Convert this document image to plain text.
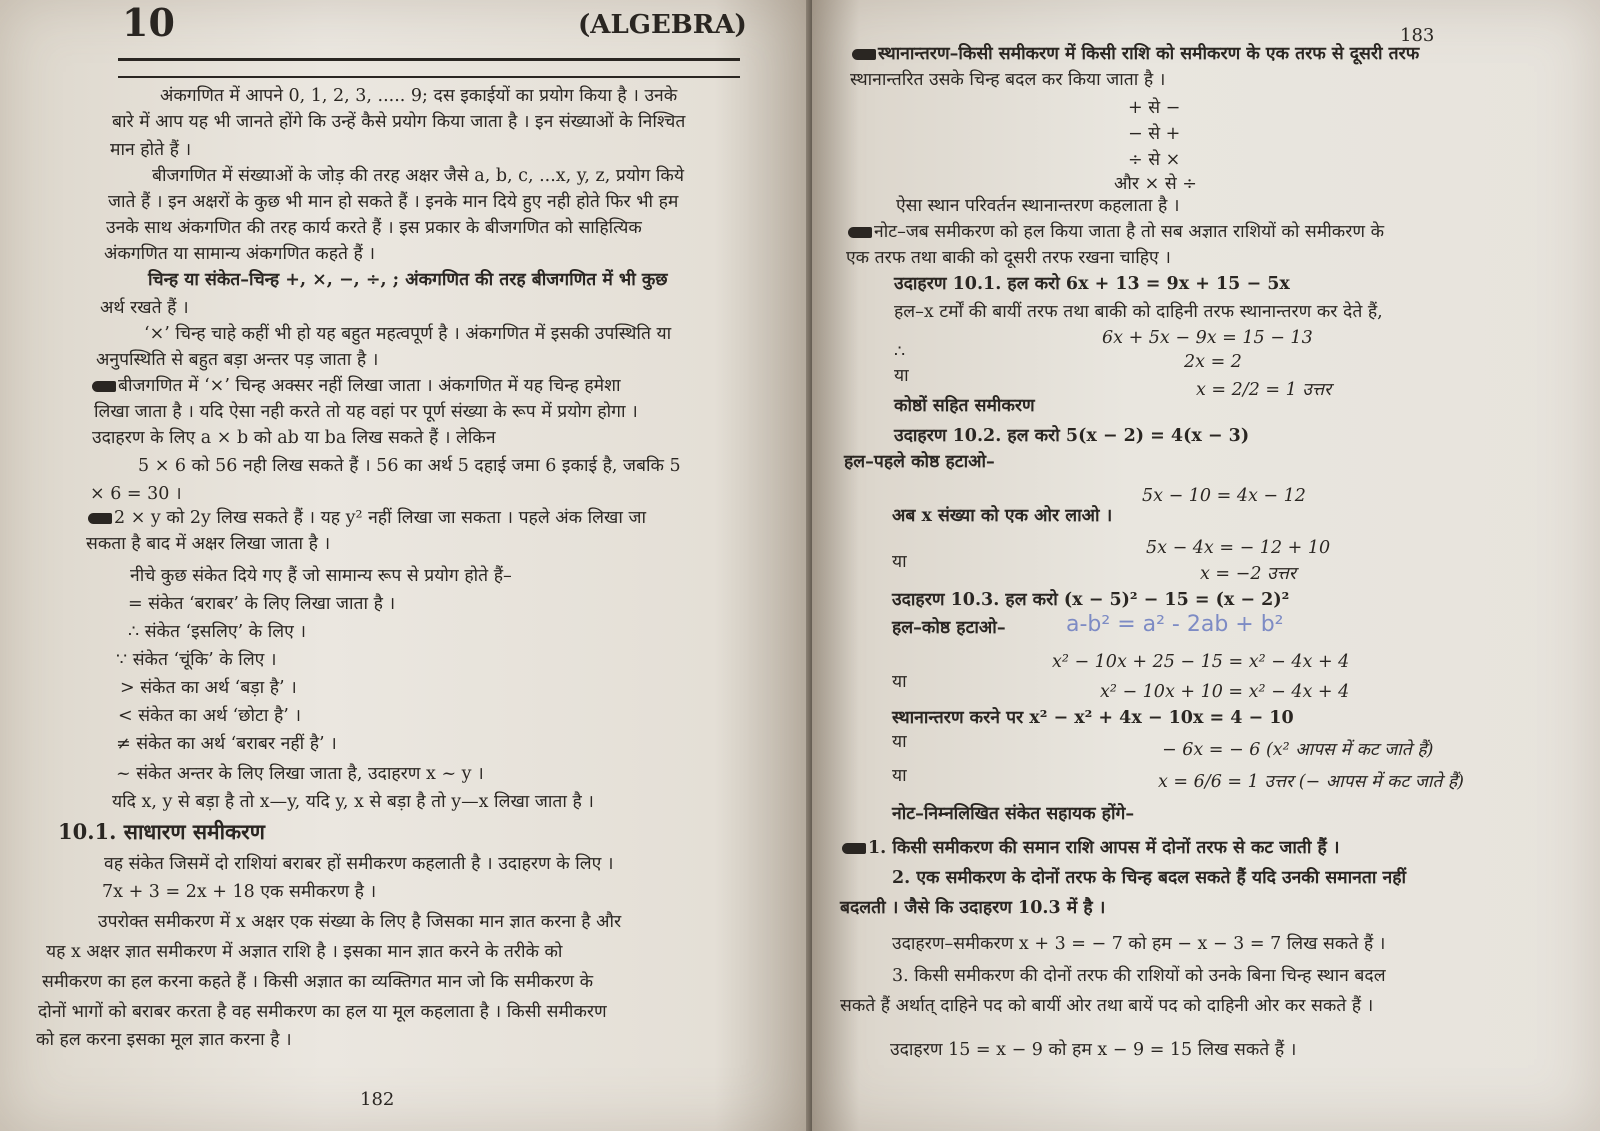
10	(ALGEBRA)
अंकगणित में आपने 0, 1, 2, 3, ..... 9; दस इकाईयों का प्रयोग किया है । उनके
बारे में आप यह भी जानते होंगे कि उन्हें कैसे प्रयोग किया जाता है । इन संख्याओं के निश्चित
मान होते हैं ।
बीजगणित में संख्याओं के जोड़ की तरह अक्षर जैसे a, b, c, ...x, y, z, प्रयोग किये
जाते हैं । इन अक्षरों के कुछ भी मान हो सकते हैं । इनके मान दिये हुए नही होते फिर भी हम
उनके साथ अंकगणित की तरह कार्य करते हैं । इस प्रकार के बीजगणित को साहित्यिक
अंकगणित या सामान्य अंकगणित कहते हैं ।
चिन्ह या संकेत–चिन्ह +, ×, −, ÷, ; अंकगणित की तरह बीजगणित में भी कुछ
अर्थ रखते हैं ।
‘×’ चिन्ह चाहे कहीं भी हो यह बहुत महत्वपूर्ण है । अंकगणित में इसकी उपस्थिति या
अनुपस्थिति से बहुत बड़ा अन्तर पड़ जाता है ।
बीजगणित में ‘×’ चिन्ह अक्सर नहीं लिखा जाता । अंकगणित में यह चिन्ह हमेशा
लिखा जाता है । यदि ऐसा नही करते तो यह वहां पर पूर्ण संख्या के रूप में प्रयोग होगा ।
उदाहरण के लिए a × b को ab या ba लिख सकते हैं । लेकिन
5 × 6 को 56 नही लिख सकते हैं । 56 का अर्थ 5 दहाई जमा 6 इकाई है, जबकि 5
× 6 = 30 ।
2 × y को 2y लिख सकते हैं । यह y² नहीं लिखा जा सकता । पहले अंक लिखा जा
सकता है बाद में अक्षर लिखा जाता है ।
नीचे कुछ संकेत दिये गए हैं जो सामान्य रूप से प्रयोग होते हैं–
= संकेत ‘बराबर’ के लिए लिखा जाता है ।
∴ संकेत ‘इसलिए’ के लिए ।
∵ संकेत ‘चूंकि’ के लिए ।
> संकेत का अर्थ ‘बड़ा है’ ।
< संकेत का अर्थ ‘छोटा है’ ।
≠ संकेत का अर्थ ‘बराबर नहीं है’ ।
~ संकेत अन्तर के लिए लिखा जाता है, उदाहरण x ~ y ।
यदि x, y से बड़ा है तो x—y, यदि y, x से बड़ा है तो y—x लिखा जाता है ।
10.1. साधारण समीकरण
वह संकेत जिसमें दो राशियां बराबर हों समीकरण कहलाती है । उदाहरण के लिए ।
7x + 3 = 2x + 18 एक समीकरण है ।
उपरोक्त समीकरण में x अक्षर एक संख्या के लिए है जिसका मान ज्ञात करना है और
यह x अक्षर ज्ञात समीकरण में अज्ञात राशि है । इसका मान ज्ञात करने के तरीके को
समीकरण का हल करना कहते हैं । किसी अज्ञात का व्यक्तिगत मान जो कि समीकरण के
दोनों भागों को बराबर करता है वह समीकरण का हल या मूल कहलाता है । किसी समीकरण
को हल करना इसका मूल ज्ञात करना है ।
182
183
स्थानान्तरण–किसी समीकरण में किसी राशि को समीकरण के एक तरफ से दूसरी तरफ
स्थानान्तरित उसके चिन्ह बदल कर किया जाता है ।
+ से −
− से +
÷ से ×
और × से ÷
ऐसा स्थान परिवर्तन स्थानान्तरण कहलाता है ।
नोट–जब समीकरण को हल किया जाता है तो सब अज्ञात राशियों को समीकरण के
एक तरफ तथा बाकी को दूसरी तरफ रखना चाहिए ।
उदाहरण 10.1. हल करो 6x + 13 = 9x + 15 − 5x
हल–x टर्मों की बायीं तरफ तथा बाकी को दाहिनी तरफ स्थानान्तरण कर देते हैं,
6x + 5x − 9x = 15 − 13
∴	2x = 2
या
x = 2/2 = 1 उत्तर
कोष्ठों सहित समीकरण
उदाहरण 10.2. हल करो 5(x − 2) = 4(x − 3)
हल–पहले कोष्ठ हटाओ–
5x − 10 = 4x − 12
अब x संख्या को एक ओर लाओ ।
5x − 4x = − 12 + 10
या
x = −2 उत्तर
उदाहरण 10.3. हल करो (x − 5)² − 15 = (x − 2)²
हल–कोष्ठ हटाओ–	a-b² = a² - 2ab + b²
x² − 10x + 25 − 15 = x² − 4x + 4
या	x² − 10x + 10 = x² − 4x + 4
स्थानान्तरण करने पर x² − x² + 4x − 10x = 4 − 10
या	− 6x = − 6 (x² आपस में कट जाते हैं)
या	x = 6/6 = 1 उत्तर (− आपस में कट जाते हैं)
नोट–निम्नलिखित संकेत सहायक होंगे–
1. किसी समीकरण की समान राशि आपस में दोनों तरफ से कट जाती हैं ।
2. एक समीकरण के दोनों तरफ के चिन्ह बदल सकते हैं यदि उनकी समानता नहीं
बदलती । जैसे कि उदाहरण 10.3 में है ।
उदाहरण–समीकरण x + 3 = − 7 को हम − x − 3 = 7 लिख सकते हैं ।
3. किसी समीकरण की दोनों तरफ की राशियों को उनके बिना चिन्ह स्थान बदल
सकते हैं अर्थात् दाहिने पद को बायीं ओर तथा बायें पद को दाहिनी ओर कर सकते हैं ।
उदाहरण 15 = x − 9 को हम x − 9 = 15 लिख सकते हैं ।
